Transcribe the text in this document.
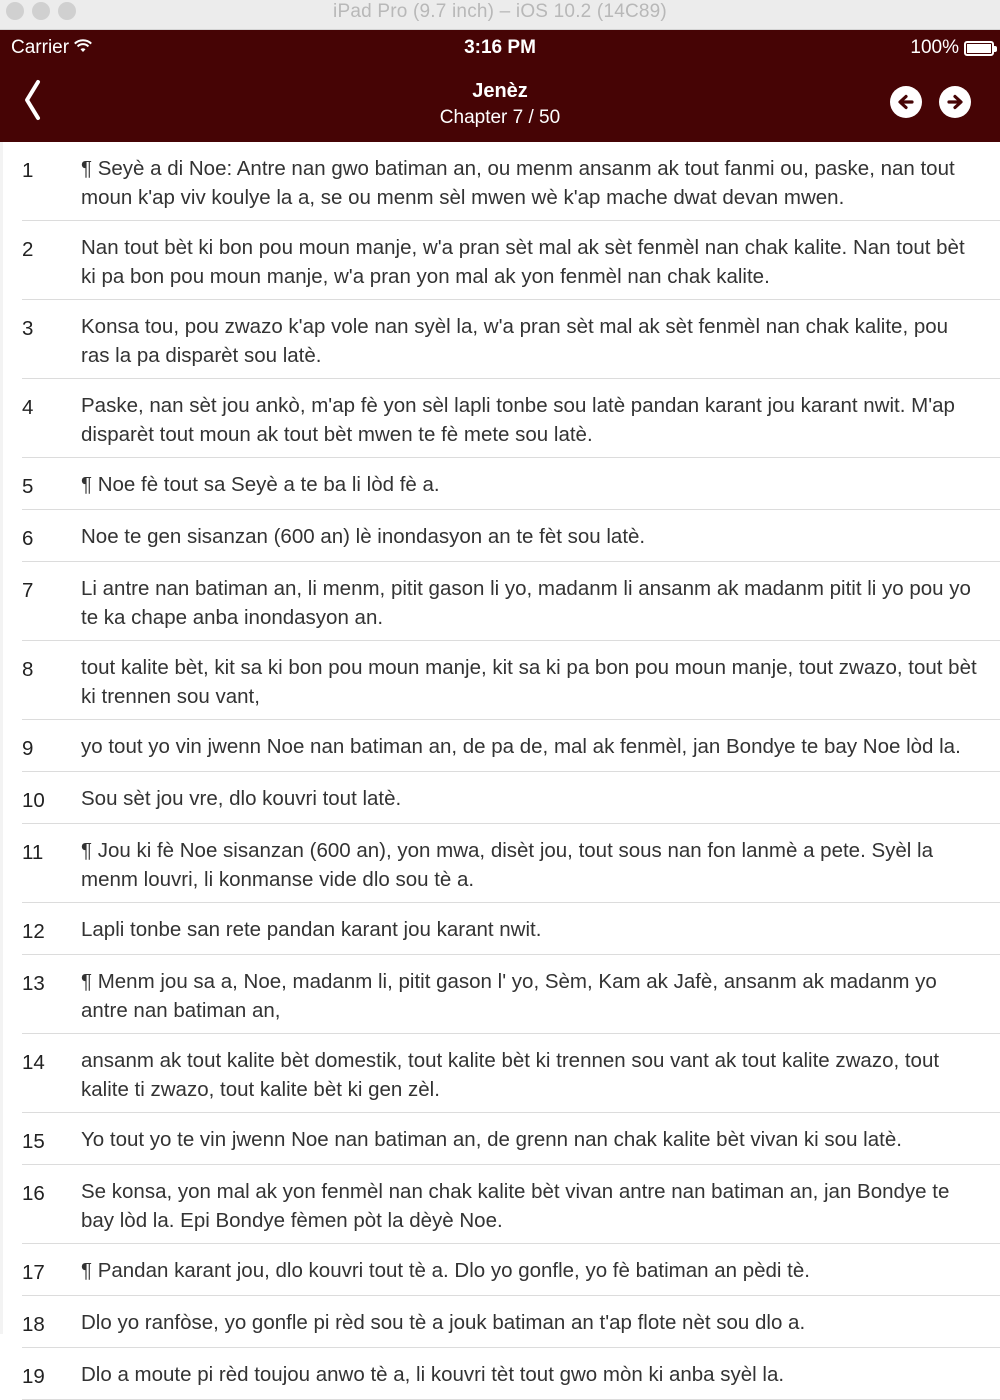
iPad Pro (9.7 inch) – iOS 10.2 (14C89)
Carrier	3:16 PM	100%
Jenèz
Chapter 7 / 50
1	¶ Seyè a di Noe: Antre nan gwo batiman an, ou menm ansanm ak tout fanmi ou, paske, nan tout moun k'ap viv koulye la a, se ou menm sèl mwen wè k'ap mache dwat devan mwen.
2	Nan tout bèt ki bon pou moun manje, w'a pran sèt mal ak sèt fenmèl nan chak kalite. Nan tout bèt ki pa bon pou moun manje, w'a pran yon mal ak yon fenmèl nan chak kalite.
3	Konsa tou, pou zwazo k'ap vole nan syèl la, w'a pran sèt mal ak sèt fenmèl nan chak kalite, pou ras la pa disparèt sou latè.
4	Paske, nan sèt jou ankò, m'ap fè yon sèl lapli tonbe sou latè pandan karant jou karant nwit. M'ap disparèt tout moun ak tout bèt mwen te fè mete sou latè.
5	¶ Noe fè tout sa Seyè a te ba li lòd fè a.
6	Noe te gen sisanzan (600 an) lè inondasyon an te fèt sou latè.
7	Li antre nan batiman an, li menm, pitit gason li yo, madanm li ansanm ak madanm pitit li yo pou yo te ka chape anba inondasyon an.
8	tout kalite bèt, kit sa ki bon pou moun manje, kit sa ki pa bon pou moun manje, tout zwazo, tout bèt ki trennen sou vant,
9	yo tout yo vin jwenn Noe nan batiman an, de pa de, mal ak fenmèl, jan Bondye te bay Noe lòd la.
10	Sou sèt jou vre, dlo kouvri tout latè.
11	¶ Jou ki fè Noe sisanzan (600 an), yon mwa, disèt jou, tout sous nan fon lanmè a pete. Syèl la menm louvri, li konmanse vide dlo sou tè a.
12	Lapli tonbe san rete pandan karant jou karant nwit.
13	¶ Menm jou sa a, Noe, madanm li, pitit gason l' yo, Sèm, Kam ak Jafè, ansanm ak madanm yo antre nan batiman an,
14	ansanm ak tout kalite bèt domestik, tout kalite bèt ki trennen sou vant ak tout kalite zwazo, tout kalite ti zwazo, tout kalite bèt ki gen zèl.
15	Yo tout yo te vin jwenn Noe nan batiman an, de grenn nan chak kalite bèt vivan ki sou latè.
16	Se konsa, yon mal ak yon fenmèl nan chak kalite bèt vivan antre nan batiman an, jan Bondye te bay lòd la. Epi Bondye fèmen pòt la dèyè Noe.
17	¶ Pandan karant jou, dlo kouvri tout tè a. Dlo yo gonfle, yo fè batiman an pèdi tè.
18	Dlo yo ranfòse, yo gonfle pi rèd sou tè a jouk batiman an t'ap flote nèt sou dlo a.
19	Dlo a moute pi rèd toujou anwo tè a, li kouvri tèt tout gwo mòn ki anba syèl la.
